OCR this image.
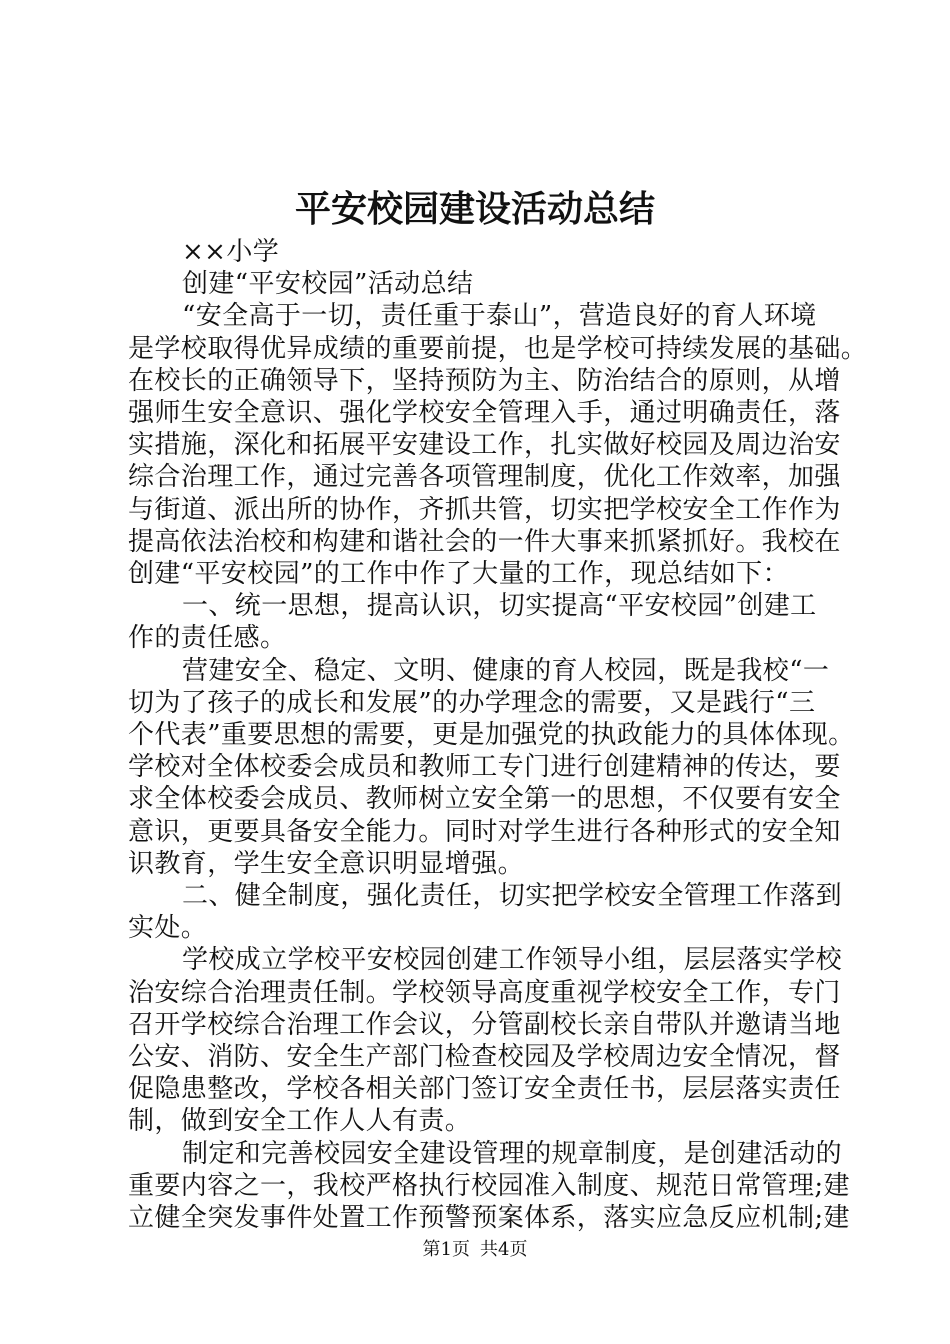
平安校园建设活动总结
××小学
创建“平安校园”活动总结
“安全高于一切，责任重于泰山”，营造良好的育人环境
是学校取得优异成绩的重要前提，也是学校可持续发展的基础。
在校长的正确领导下，坚持预防为主、防治结合的原则，从增
强师生安全意识、强化学校安全管理入手，通过明确责任，落
实措施，深化和拓展平安建设工作，扎实做好校园及周边治安
综合治理工作，通过完善各项管理制度，优化工作效率，加强
与街道、派出所的协作，齐抓共管，切实把学校安全工作作为
提高依法治校和构建和谐社会的一件大事来抓紧抓好。我校在
创建“平安校园”的工作中作了大量的工作，现总结如下：
一、统一思想，提高认识，切实提高“平安校园”创建工
作的责任感。
营建安全、稳定、文明、健康的育人校园，既是我校“一
切为了孩子的成长和发展”的办学理念的需要，又是践行“三
个代表”重要思想的需要，更是加强党的执政能力的具体体现。
学校对全体校委会成员和教师工专门进行创建精神的传达，要
求全体校委会成员、教师树立安全第一的思想，不仅要有安全
意识，更要具备安全能力。同时对学生进行各种形式的安全知
识教育，学生安全意识明显增强。
二、健全制度，强化责任，切实把学校安全管理工作落到
实处。
学校成立学校平安校园创建工作领导小组，层层落实学校
治安综合治理责任制。学校领导高度重视学校安全工作，专门
召开学校综合治理工作会议，分管副校长亲自带队并邀请当地
公安、消防、安全生产部门检查校园及学校周边安全情况，督
促隐患整改，学校各相关部门签订安全责任书，层层落实责任
制，做到安全工作人人有责。
制定和完善校园安全建设管理的规章制度，是创建活动的
重要内容之一，我校严格执行校园准入制度、规范日常管理;建
立健全突发事件处置工作预警预案体系，落实应急反应机制;建
第1页 共4页
